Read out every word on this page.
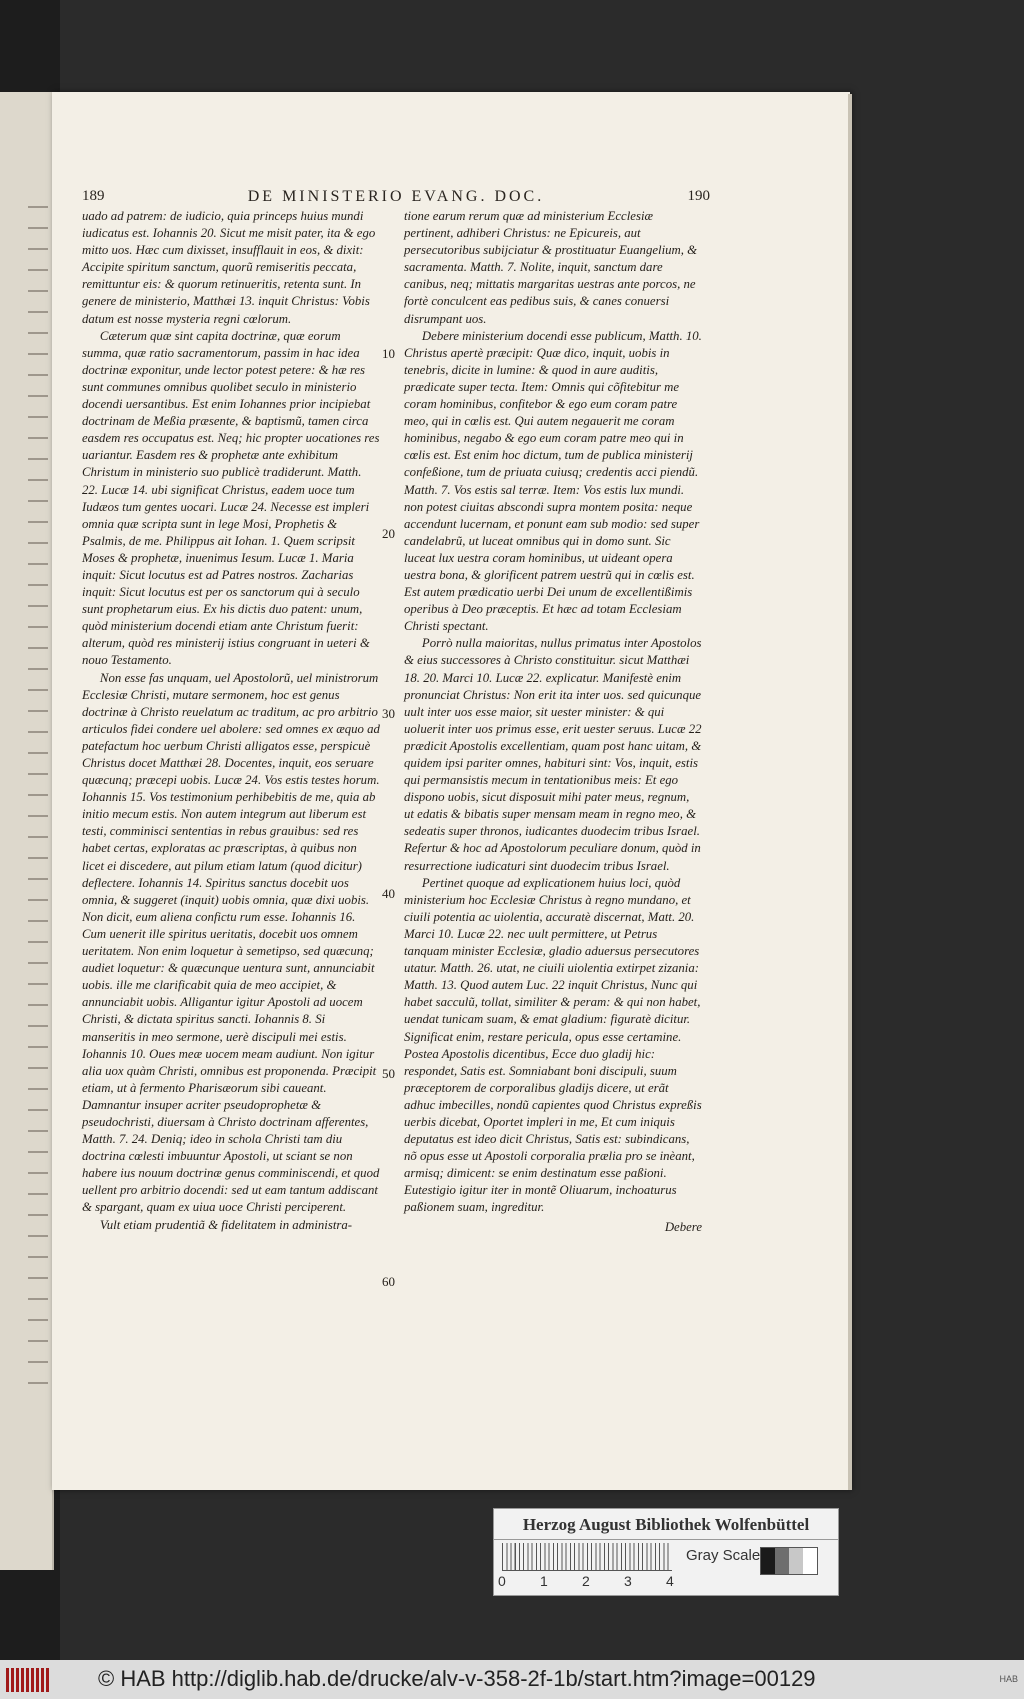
189	DE MINISTERIO EVANG. DOC.	190

uado ad patrem: de iudicio, quia princeps huius mundi iudicatus est. Iohannis 20. Sicut me misit pater, ita & ego mitto uos. Hæc cum dixisset, insufflauit in eos, & dixit: Accipite spiritum sanctum, quorũ remiseritis peccata, remittuntur eis: & quorum retinueritis, retenta sunt. In genere de ministerio, Matthæi 13. inquit Christus: Vobis datum est nosse mysteria regni cœlorum.

Cæterum quæ sint capita doctrinæ, quæ eorum summa, quæ ratio sacramentorum, passim in hac idea doctrinæ exponitur, unde lector potest petere: & hæ res sunt communes omnibus quolibet seculo in ministerio docendi uersantibus. Est enim Iohannes prior incipiebat doctrinam de Meßia præsente, & baptismũ, tamen circa easdem res occupatus est. Neq; hic propter uocationes res uariantur. Easdem res & prophetæ ante exhibitum Christum in ministerio suo publicè tradiderunt. Matth. 22. Lucæ 14. ubi significat Christus, eadem uoce tum Iudæos tum gentes uocari. Lucæ 24. Necesse est impleri omnia quæ scripta sunt in lege Mosi, Prophetis & Psalmis, de me. Philippus ait Iohan. 1. Quem scripsit Moses & prophetæ, inuenimus Iesum. Lucæ 1. Maria inquit: Sicut locutus est ad Patres nostros. Zacharias inquit: Sicut locutus est per os sanctorum qui à seculo sunt prophetarum eius. Ex his dictis duo patent: unum, quòd ministerium docendi etiam ante Christum fuerit: alterum, quòd res ministerij istius congruant in ueteri & nouo Testamento.

Non esse fas unquam, uel Apostolorũ, uel ministrorum Ecclesiæ Christi, mutare sermonem, hoc est genus doctrinæ à Christo reuelatum ac traditum, ac pro arbitrio articulos fidei condere uel abolere: sed omnes ex æquo ad patefactum hoc uerbum Christi alligatos esse, perspicuè Christus docet Matthæi 28. Docentes, inquit, eos seruare quæcunq; præcepi uobis. Lucæ 24. Vos estis testes horum. Iohannis 15. Vos testimonium perhibebitis de me, quia ab initio mecum estis. Non autem integrum aut liberum est testi, comminisci sententias in rebus grauibus: sed res habet certas, exploratas ac præscriptas, à quibus non licet ei discedere, aut pilum etiam latum (quod dicitur) deflectere. Iohannis 14. Spiritus sanctus docebit uos omnia, & suggeret (inquit) uobis omnia, quæ dixi uobis. Non dicit, eum aliena confictu rum esse. Iohannis 16. Cum uenerit ille spiritus ueritatis, docebit uos omnem ueritatem. Non enim loquetur à semetipso, sed quæcunq; audiet loquetur: & quæcunque uentura sunt, annunciabit uobis. ille me clarificabit quia de meo accipiet, & annunciabit uobis. Alligantur igitur Apostoli ad uocem Christi, & dictata spiritus sancti. Iohannis 8. Si manseritis in meo sermone, uerè discipuli mei estis. Iohannis 10. Oues meæ uocem meam audiunt. Non igitur alia uox quàm Christi, omnibus est proponenda. Præcipit etiam, ut à fermento Pharisæorum sibi caueant. Damnantur insuper acriter pseudoprophetæ & pseudochristi, diuersam à Christo doctrinam afferentes, Matth. 7. 24. Deniq; ideo in schola Christi tam diu doctrina cœlesti imbuuntur Apostoli, ut sciant se non habere ius nouum doctrinæ genus comminiscendi, et quod uellent pro arbitrio docendi: sed ut eam tantum addiscant & spargant, quam ex uiua uoce Christi perciperent.

Vult etiam prudentiã & fidelitatem in administra-

10
20
30
40
50
60

tione earum rerum quæ ad ministerium Ecclesiæ pertinent, adhiberi Christus: ne Epicureis, aut persecutoribus subijciatur & prostituatur Euangelium, & sacramenta. Matth. 7. Nolite, inquit, sanctum dare canibus, neq; mittatis margaritas uestras ante porcos, ne fortè conculcent eas pedibus suis, & canes conuersi disrumpant uos.

Debere ministerium docendi esse publicum, Matth. 10. Christus apertè præcipit: Quæ dico, inquit, uobis in tenebris, dicite in lumine: & quod in aure auditis, prædicate super tecta. Item: Omnis qui cõfitebitur me coram hominibus, confitebor & ego eum coram patre meo, qui in cœlis est. Qui autem negauerit me coram hominibus, negabo & ego eum coram patre meo qui in cœlis est. Est enim hoc dictum, tum de publica ministerij confeßione, tum de priuata cuiusq; credentis acci piendũ. Matth. 7. Vos estis sal terræ. Item: Vos estis lux mundi. non potest ciuitas abscondi supra montem posita: neque accendunt lucernam, et ponunt eam sub modio: sed super candelabrũ, ut luceat omnibus qui in domo sunt. Sic luceat lux uestra coram hominibus, ut uideant opera uestra bona, & glorificent patrem uestrũ qui in cœlis est. Est autem prædicatio uerbi Dei unum de excellentißimis operibus à Deo præceptis. Et hæc ad totam Ecclesiam Christi spectant.

Porrò nulla maioritas, nullus primatus inter Apostolos & eius successores à Christo constituitur. sicut Matthæi 18. 20. Marci 10. Lucæ 22. explicatur. Manifestè enim pronunciat Christus: Non erit ita inter uos. sed quicunque uult inter uos esse maior, sit uester minister: & qui uoluerit inter uos primus esse, erit uester seruus. Lucæ 22 prædicit Apostolis excellentiam, quam post hanc uitam, & quidem ipsi pariter omnes, habituri sint: Vos, inquit, estis qui permansistis mecum in tentationibus meis: Et ego dispono uobis, sicut disposuit mihi pater meus, regnum, ut edatis & bibatis super mensam meam in regno meo, & sedeatis super thronos, iudicantes duodecim tribus Israel. Refertur & hoc ad Apostolorum peculiare donum, quòd in resurrectione iudicaturi sint duodecim tribus Israel.

Pertinet quoque ad explicationem huius loci, quòd ministerium hoc Ecclesiæ Christus à regno mundano, et ciuili potentia ac uiolentia, accuratè discernat, Matt. 20. Marci 10. Lucæ 22. nec uult permittere, ut Petrus tanquam minister Ecclesiæ, gladio aduersus persecutores utatur. Matth. 26. utat, ne ciuili uiolentia extirpet zizania: Matth. 13. Quod autem Luc. 22 inquit Christus, Nunc qui habet sacculũ, tollat, similiter & peram: & qui non habet, uendat tunicam suam, & emat gladium: figuratè dicitur. Significat enim, restare pericula, opus esse certamine. Postea Apostolis dicentibus, Ecce duo gladij hic: respondet, Satis est. Somniabant boni discipuli, suum præceptorem de corporalibus gladijs dicere, ut erãt adhuc imbecilles, nondũ capientes quod Christus expreßis uerbis dicebat, Oportet impleri in me, Et cum iniquis deputatus est ideo dicit Christus, Satis est: subindicans, nõ opus esse ut Apostoli corporalia prælia pro se inèant, armisq; dimicent: se enim destinatum esse paßioni. Eutestigio igitur iter in montẽ Oliuarum, inchoaturus paßionem suam, ingreditur.

Debere
Herzog August Bibliothek Wolfenbüttel
0 1 2 3 4
Gray Scale
© HAB http://diglib.hab.de/drucke/alv-v-358-2f-1b/start.htm?image=00129	HAB
